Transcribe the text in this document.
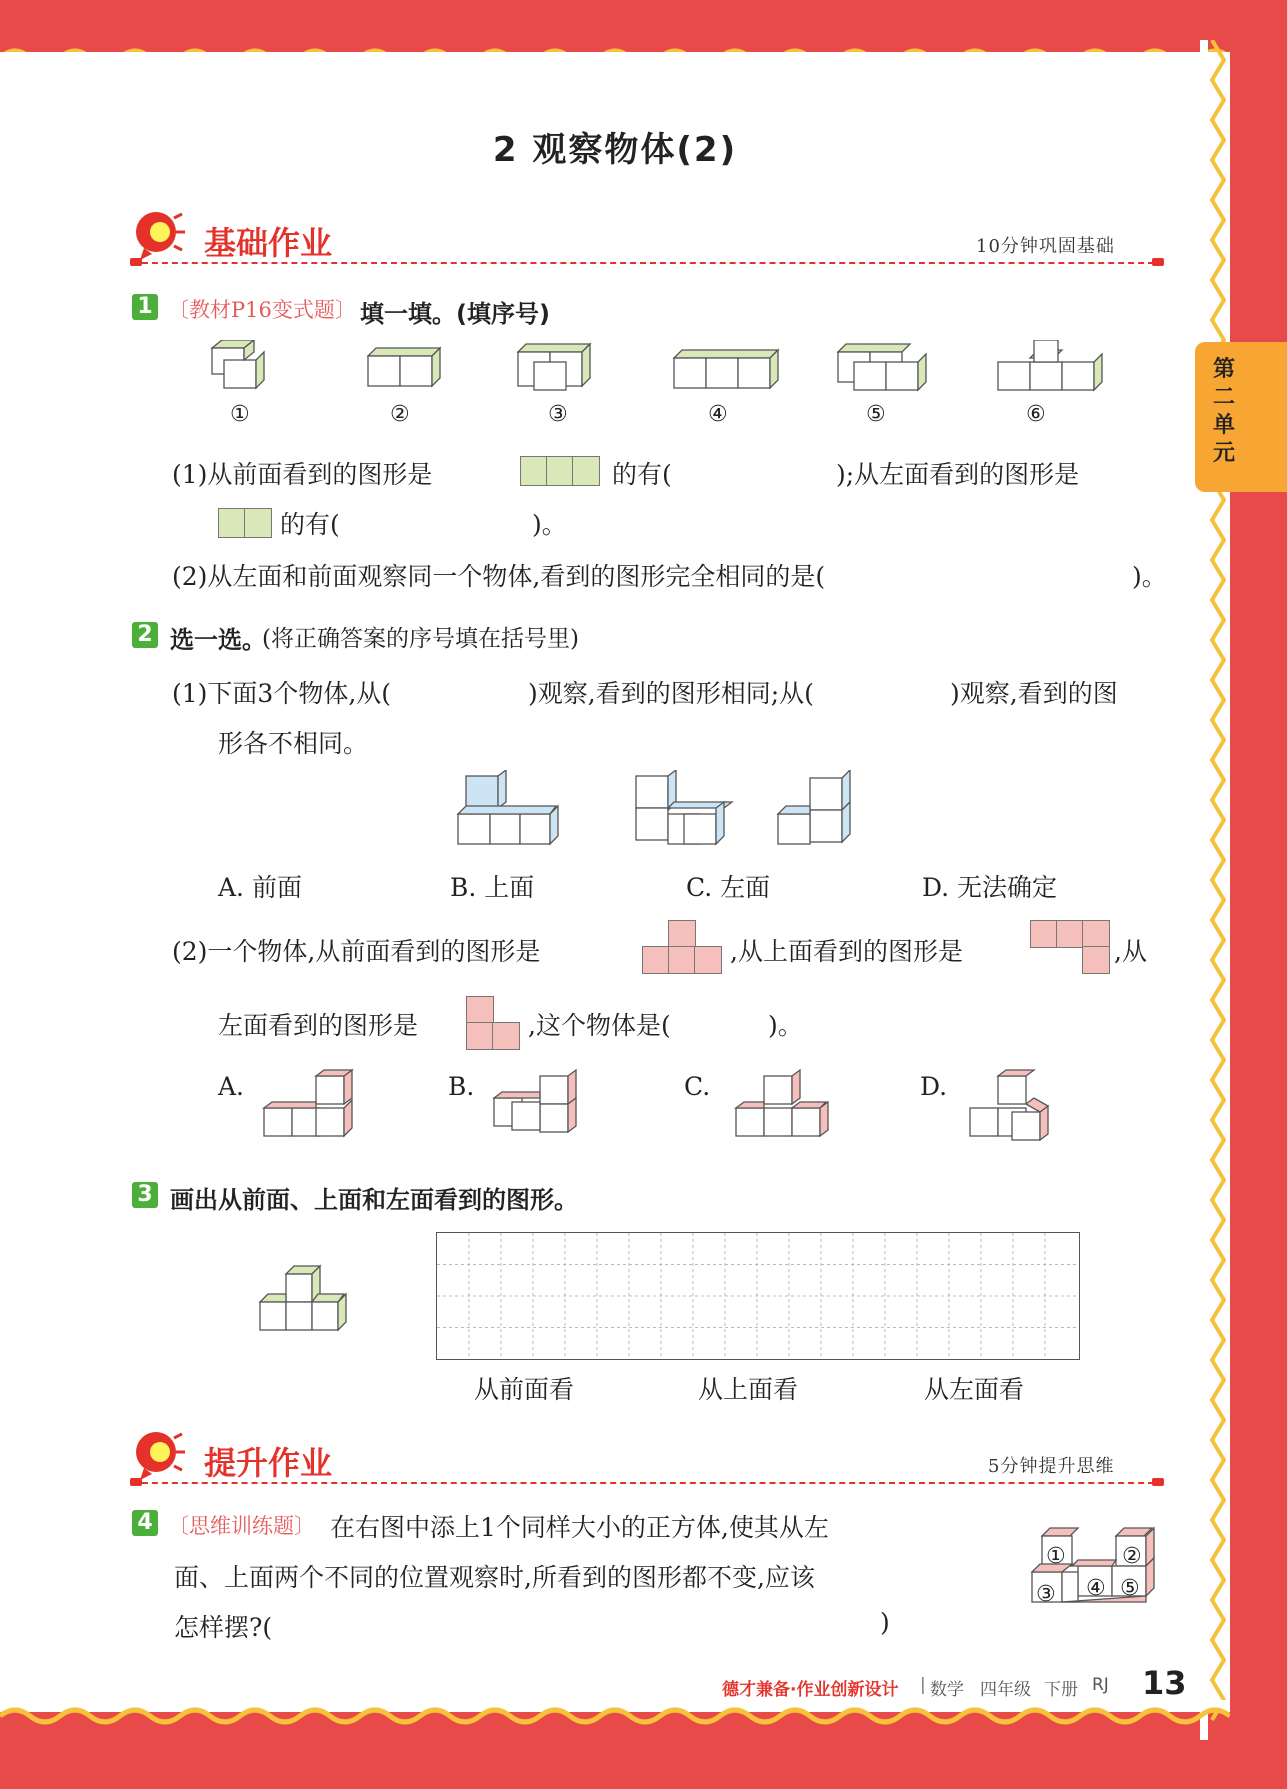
第二单元
2 观察物体(2)
基础作业	10分钟巩固基础
1 〔教材P16变式题〕 填一填。(填序号)
①	②	③	④	⑤	⑥
(1)从前面看到的图形是	的有(	);从左面看到的图形是
的有(	)。
(2)从左面和前面观察同一个物体,看到的图形完全相同的是(	)。
2 选一选。
(将正确答案的序号填在括号里)
(1)下面3个物体,从(	)观察,看到的图形相同;从(	)观察,看到的图
形各不相同。
A. 前面	B. 上面	C. 左面	D. 无法确定
(2)一个物体,从前面看到的图形是	,从上面看到的图形是	,从
左面看到的图形是	,这个物体是(	)。
A.	B.	C.	D.
3 画出从前面、上面和左面看到的图形。
从前面看	从上面看	从左面看
提升作业	5分钟提升思维
4 〔思维训练题〕 在右图中添上1个同样大小的正方体,使其从左
面、上面两个不同的位置观察时,所看到的图形都不变,应该
怎样摆?(	)
①	②
③ ④ ⑤
德才兼备·作业创新设计 | 数学 四年级 下册 RJ 13
